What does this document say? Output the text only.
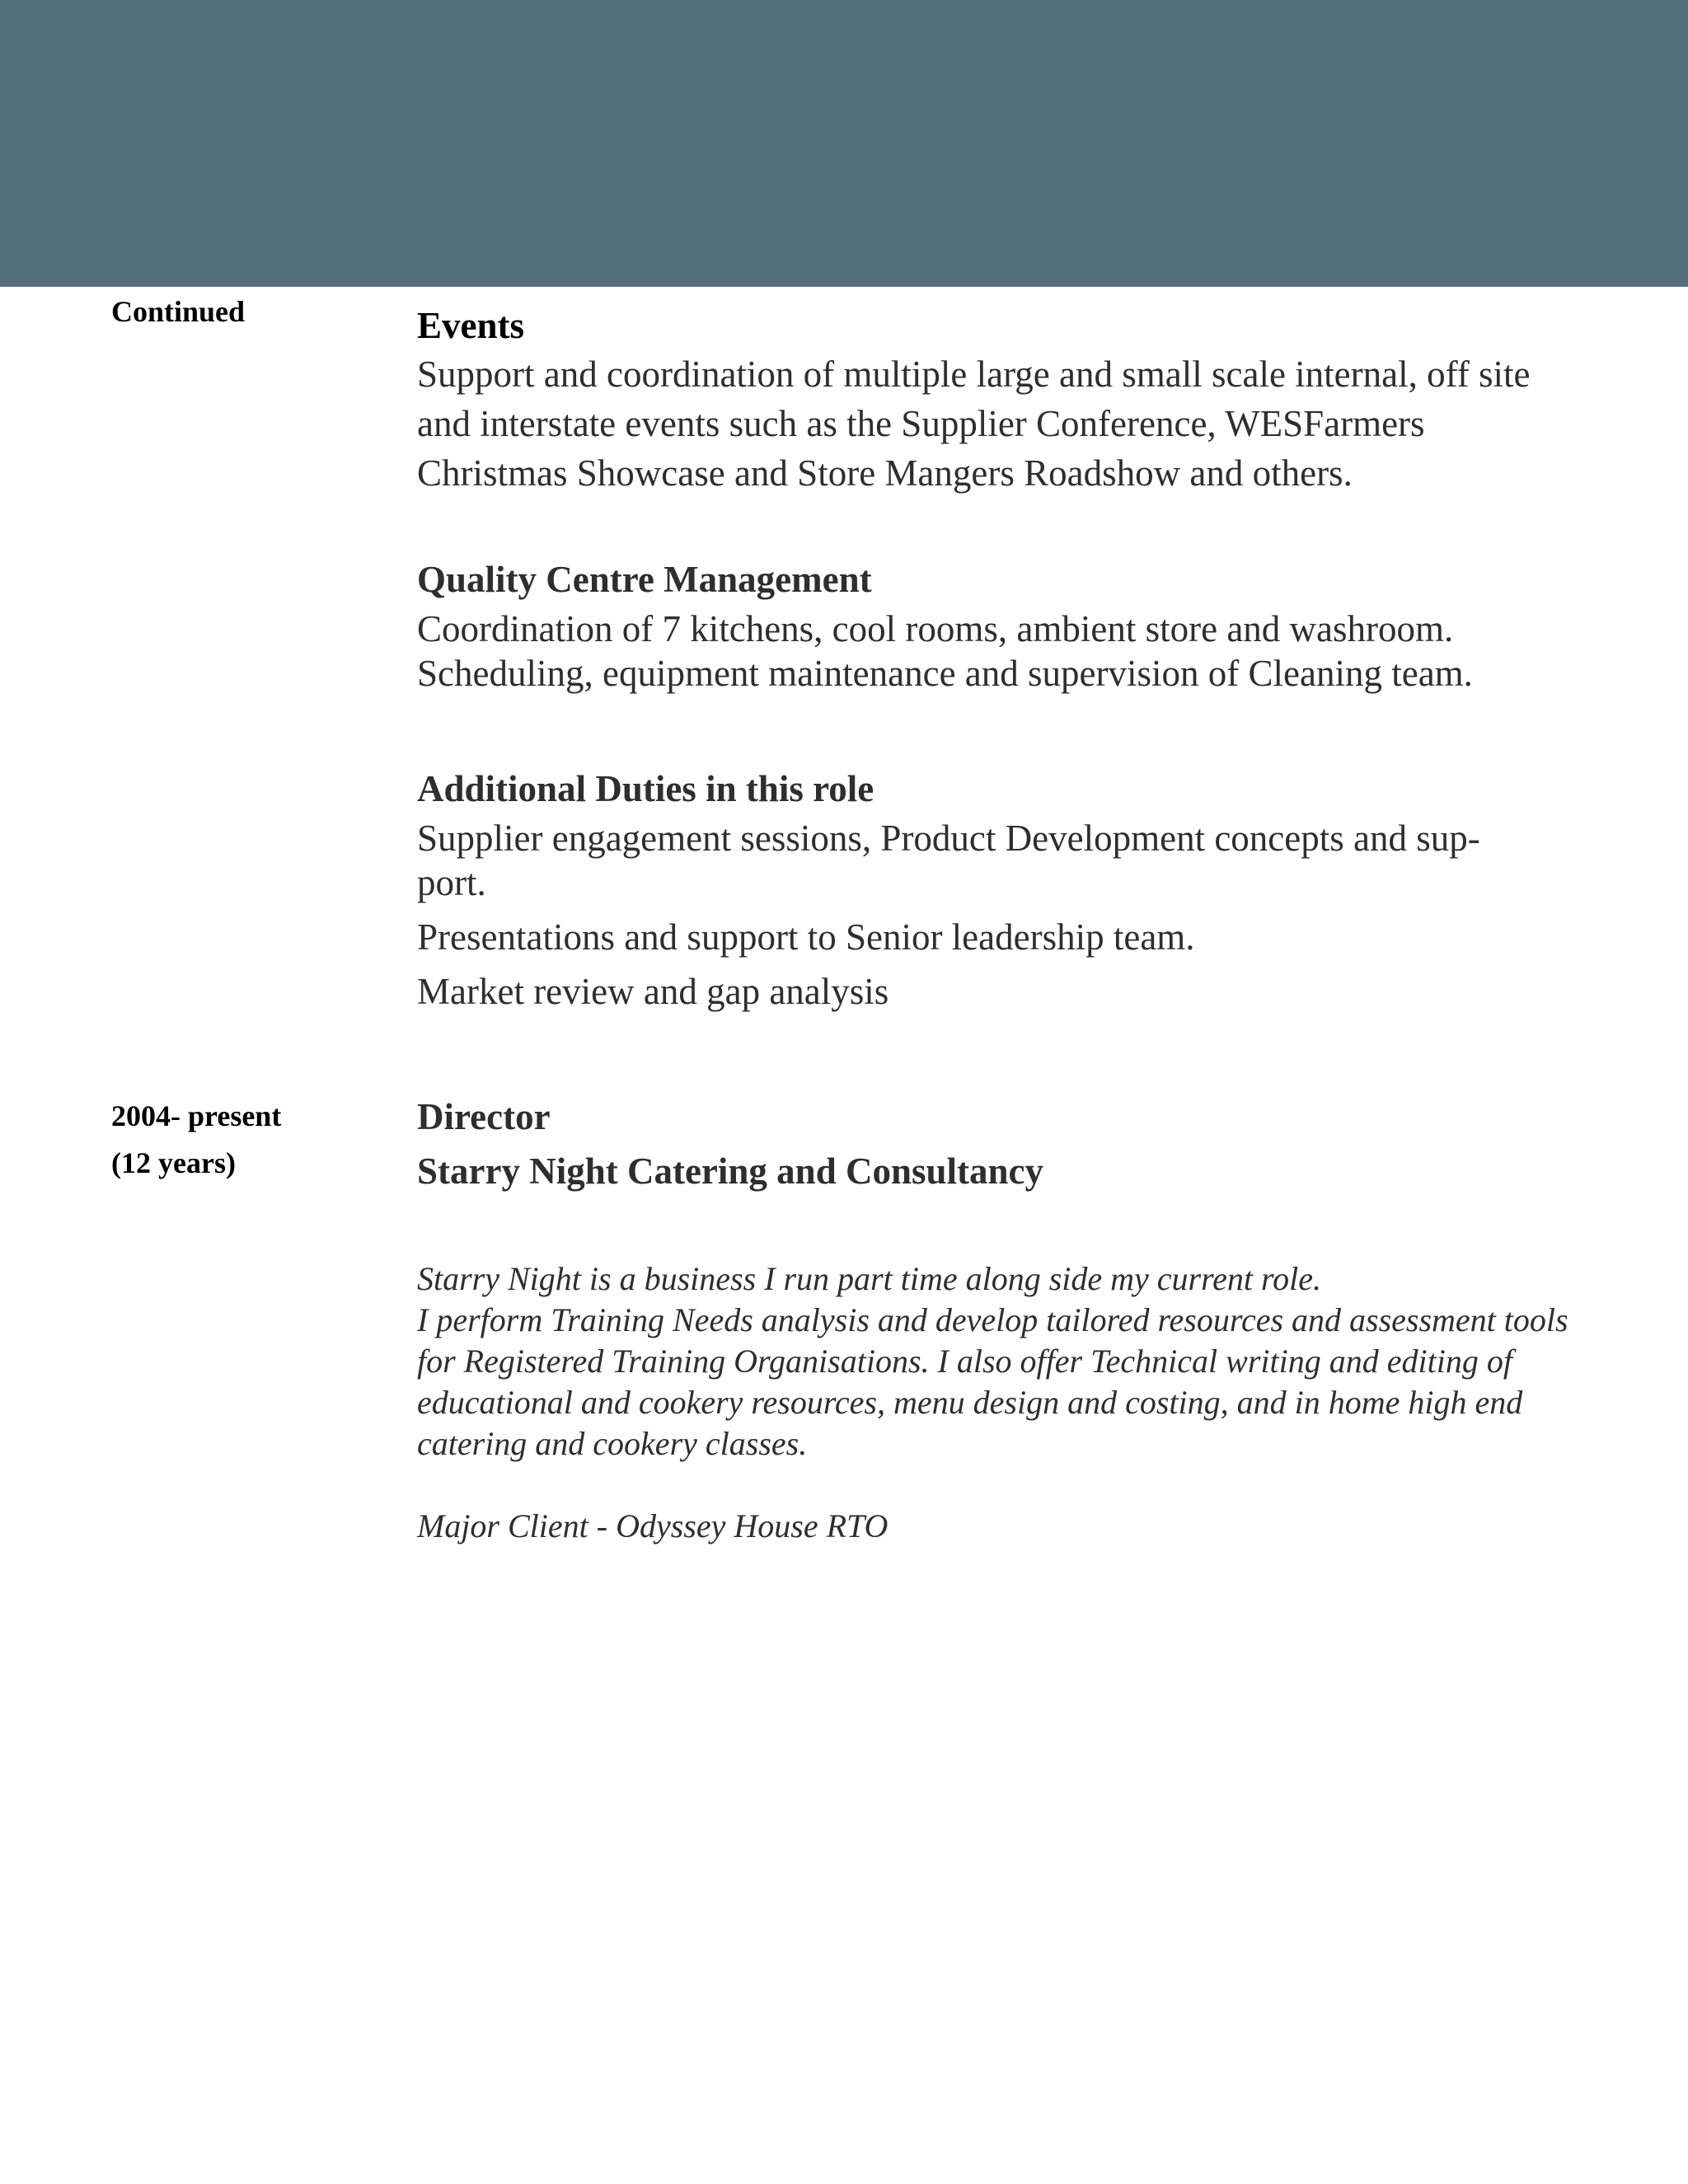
Continued

2004- present

(12 years)

Events

Support and coordination of multiple large and small scale internal, off site

and interstate events such as the Supplier Conference, WESFarmers

Christmas Showcase and Store Mangers Roadshow and others.

Quality Centre Management

Coordination of 7 kitchens, cool rooms, ambient store and washroom.

Scheduling, equipment maintenance and supervision of Cleaning team.

Additional Duties in this role

Supplier engagement sessions, Product Development concepts and sup-

port.

Presentations and support to Senior leadership team.

Market review and gap analysis

Director

Starry Night Catering and Consultancy

Starry Night is a business I run part time along side my current role.

I perform Training Needs analysis and develop tailored resources and assessment tools

for Registered Training Organisations. I also offer Technical writing and editing of

educational and cookery resources, menu design and costing, and in home high end

catering and cookery classes.

Major Client - Odyssey House RTO
